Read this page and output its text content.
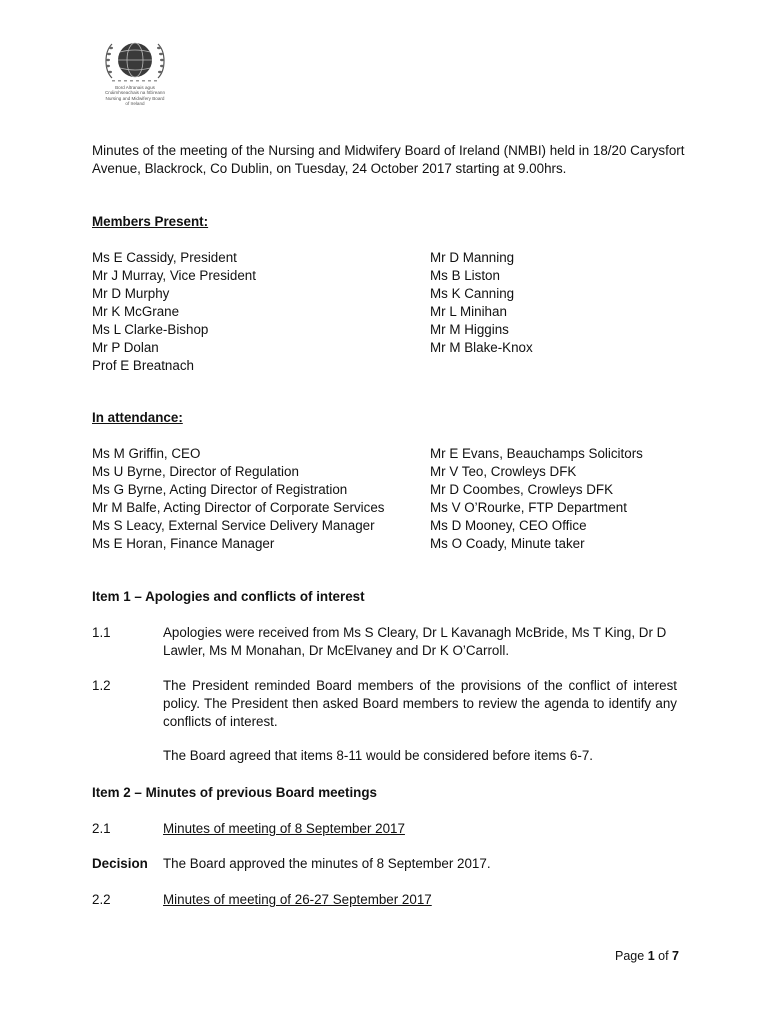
Bord Altranais agus
Cnáimhseachais na hÉireann
Nursing and Midwifery Board
of Ireland
Minutes of the meeting of the Nursing and Midwifery Board of Ireland (NMBI) held in 18/20 Carysfort Avenue, Blackrock, Co Dublin, on Tuesday, 24 October 2017 starting at 9.00hrs.
Members Present:
Ms E Cassidy, President
Mr J Murray, Vice President
Mr D Murphy
Mr K McGrane
Ms L Clarke-Bishop
Mr P Dolan
Prof E Breatnach
Mr D Manning
Ms B Liston
Ms K Canning
Mr L Minihan
Mr M Higgins
Mr M Blake-Knox
In attendance:
Ms M Griffin, CEO
Ms U Byrne, Director of Regulation
Ms G Byrne, Acting Director of Registration
Mr M Balfe, Acting Director of Corporate Services
Ms S Leacy, External Service Delivery Manager
Ms E Horan, Finance Manager
Mr E Evans, Beauchamps Solicitors
Mr V Teo, Crowleys DFK
Mr D Coombes, Crowleys DFK
Ms V O’Rourke, FTP Department
Ms D Mooney, CEO Office
Ms O Coady, Minute taker
Item 1 – Apologies and conflicts of interest
1.1	Apologies were received from Ms S Cleary, Dr L Kavanagh McBride, Ms T King, Dr D Lawler, Ms M Monahan, Dr McElvaney and Dr K O’Carroll.
1.2	The President reminded Board members of the provisions of the conflict of interest policy. The President then asked Board members to review the agenda to identify any conflicts of interest.
The Board agreed that items 8-11 would be considered before items 6-7.
Item 2 – Minutes of previous Board meetings
2.1	Minutes of meeting of 8 September 2017
Decision The Board approved the minutes of 8 September 2017.
2.2	Minutes of meeting of 26-27 September 2017
Page 1 of 7
